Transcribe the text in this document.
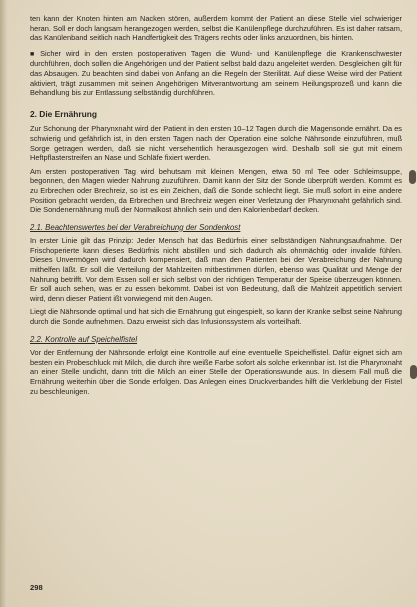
ten kann der Knoten hinten am Nacken stören, außerdem kommt der Patient an diese Stelle viel schwieriger heran. Soll er doch langsam herangezogen werden, selbst die Kanülenpflege durchzuführen. Es ist daher ratsam, das Kanülenband seitlich nach Handfertigkeit des Trägers rechts oder links anzuordnen, bis hinten.

■ Sicher wird in den ersten postoperativen Tagen die Wund- und Kanülenpflege die Krankenschwester durchführen, doch sollen die Angehörigen und der Patient selbst bald dazu angeleitet werden. Desgleichen gilt für das Absaugen. Zu beachten sind dabei von Anfang an die Regeln der Sterilität. Auf diese Weise wird der Patient aktiviert, trägt zusammen mit seinen Angehörigen Mitverantwortung am seinem Heilungsprozeß und kann die Behandlung bis zur Entlassung selbständig durchführen.

2. Die Ernährung

Zur Schonung der Pharynxnaht wird der Patient in den ersten 10–12 Tagen durch die Magensonde ernährt. Da es schwierig und gefährlich ist, in den ersten Tagen nach der Operation eine solche Nährsonde einzuführen, muß Sorge getragen werden, daß sie nicht versehentlich herausgezogen wird. Deshalb soll sie gut mit einem Heftpflasterstreifen an Nase und Schläfe fixiert werden.

Am ersten postoperativen Tag wird behutsam mit kleinen Mengen, etwa 50 ml Tee oder Schleimsuppe, begonnen, den Magen wieder Nahrung zuzuführen. Damit kann der Sitz der Sonde überprüft werden. Kommt es zu Erbrechen oder Brechreiz, so ist es ein Zeichen, daß die Sonde schlecht liegt. Sie muß sofort in eine andere Position gebracht werden, da Erbrechen und Brechreiz wegen einer Verletzung der Pharynxnaht gefährlich sind. Die Sondenernährung muß der Normalkost ähnlich sein und den Kalorienbedarf decken.

2.1. Beachtenswertes bei der Verabreichung der Sondenkost

In erster Linie gilt das Prinzip: Jeder Mensch hat das Bedürfnis einer selbständigen Nahrungsaufnahme. Der Frischoperierte kann dieses Bedürfnis nicht abstillen und sich dadurch als ohnmächtig oder invalide fühlen. Dieses Unvermögen wird dadurch kompensiert, daß man den Patienten bei der Verabreichung der Nahrung mithelfen läßt. Er soll die Verteilung der Mahlzeiten mitbestimmen dürfen, ebenso was Qualität und Menge der Nahrung betrifft. Vor dem Essen soll er sich selbst von der richtigen Temperatur der Speise überzeugen können. Er soll auch sehen, was er zu essen bekommt. Dabei ist von Bedeutung, daß die Mahlzeit appetitlich serviert wird, denn dieser Patient ißt vorwiegend mit den Augen.

Liegt die Nährsonde optimal und hat sich die Ernährung gut eingespielt, so kann der Kranke selbst seine Nahrung durch die Sonde aufnehmen. Dazu erweist sich das Infusionssystem als vorteilhaft.

2.2. Kontrolle auf Speichelfistel

Vor der Entfernung der Nährsonde erfolgt eine Kontrolle auf eine eventuelle Speichelfistel. Dafür eignet sich am besten ein Probeschluck mit Milch, die durch ihre weiße Farbe sofort als solche erkennbar ist. Ist die Pharynxnaht an einer Stelle undicht, dann tritt die Milch an einer Stelle der Operationswunde aus. In diesem Fall muß die Ernährung weiterhin über die Sonde erfolgen. Das Anlegen eines Druckverbandes hilft die Verklebung der Fistel zu beschleunigen.

298
